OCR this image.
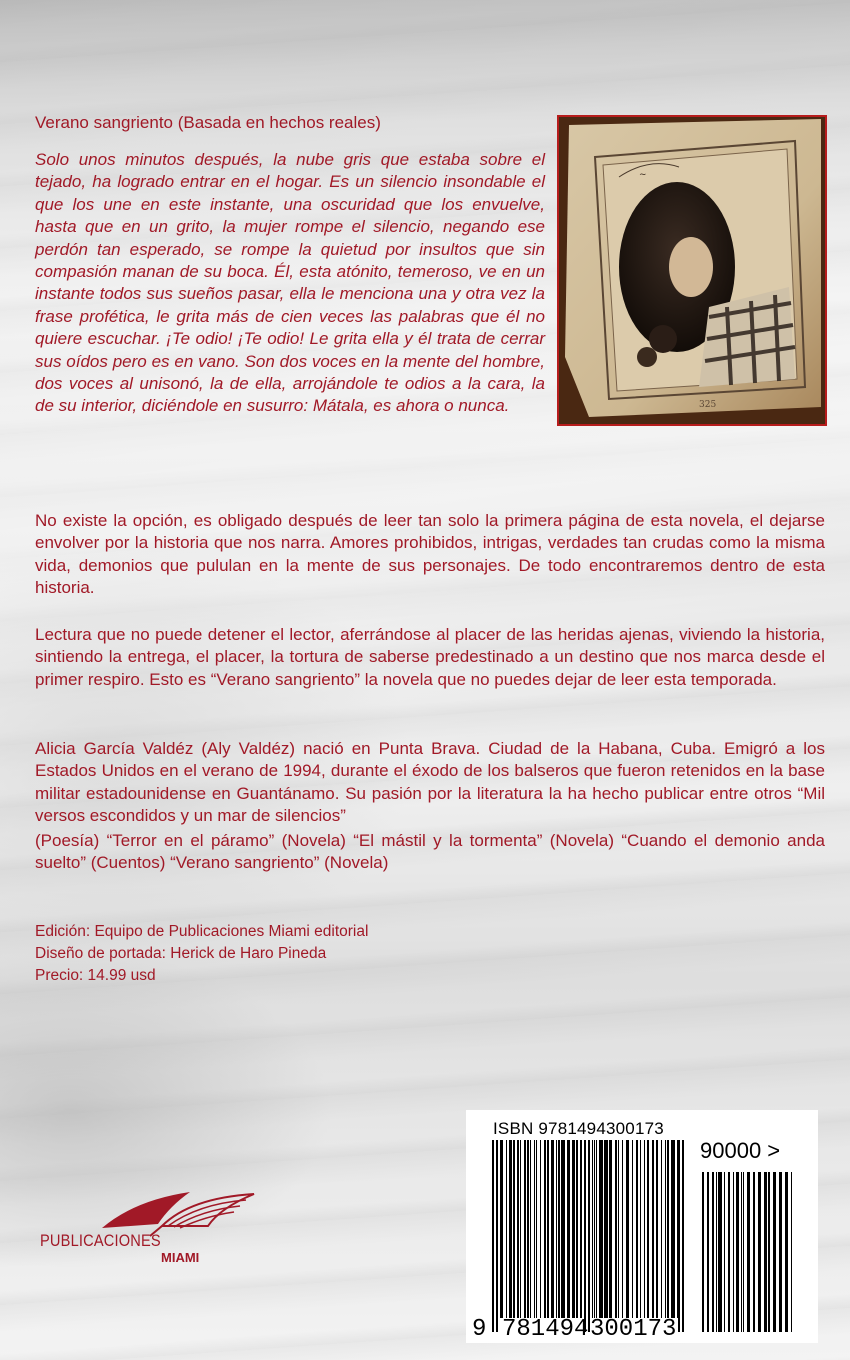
Verano sangriento (Basada en hechos reales)
~
325

Solo unos minutos después, la nube gris que estaba sobre el tejado, ha logrado entrar en el hogar. Es un silencio insondable el que los une en este instante, una oscuridad que los envuelve, hasta que en un grito, la mujer rompe el silencio, negando ese perdón tan esperado, se rompe la quietud por insultos que sin compasión manan de su boca. Él, esta atónito, temeroso, ve en un instante todos sus sueños pasar, ella le menciona una y otra vez la frase profética, le grita más de cien veces las palabras que él no quiere escuchar. ¡Te odio! ¡Te odio! Le grita ella y él trata de cerrar sus oídos pero es en vano. Son dos voces en la mente del hombre, dos voces al unisonó, la de ella, arrojándole te odios a la cara, la de su interior, diciéndole en susurro: Mátala, es ahora o nunca.

No existe la opción, es obligado después de leer tan solo la primera página de esta novela, el dejarse envolver por la historia que nos narra. Amores prohibidos, intrigas, verdades tan crudas como la misma vida, demonios que pululan en la mente de sus personajes. De todo encontraremos dentro de esta historia.

Lectura que no puede detener el lector, aferrándose al placer de las heridas ajenas, viviendo la historia, sintiendo la entrega, el placer, la tortura de saberse predestinado a un destino que nos marca desde el primer respiro. Esto es “Verano sangriento” la novela que no puedes dejar de leer esta temporada.

Alicia García Valdéz (Aly Valdéz) nació en Punta Brava. Ciudad de la Habana, Cuba. Emigró a los Estados Unidos en el verano de 1994, durante el éxodo de los balseros que fueron retenidos en la base militar estadounidense en Guantánamo. Su pasión por la literatura la ha hecho publicar entre otros “Mil versos escondidos y un mar de silencios”

(Poesía) “Terror en el páramo” (Novela) “El mástil y la tormenta” (Novela) “Cuando el demonio anda suelto” (Cuentos) “Verano sangriento” (Novela)

Edición: Equipo de Publicaciones Miami editorial
Diseño de portada: Herick de Haro Pineda
Precio: 14.99 usd
PUBLICACIONES
MIAMI
ISBN 9781494300173
90000 >
9 781494 300173
